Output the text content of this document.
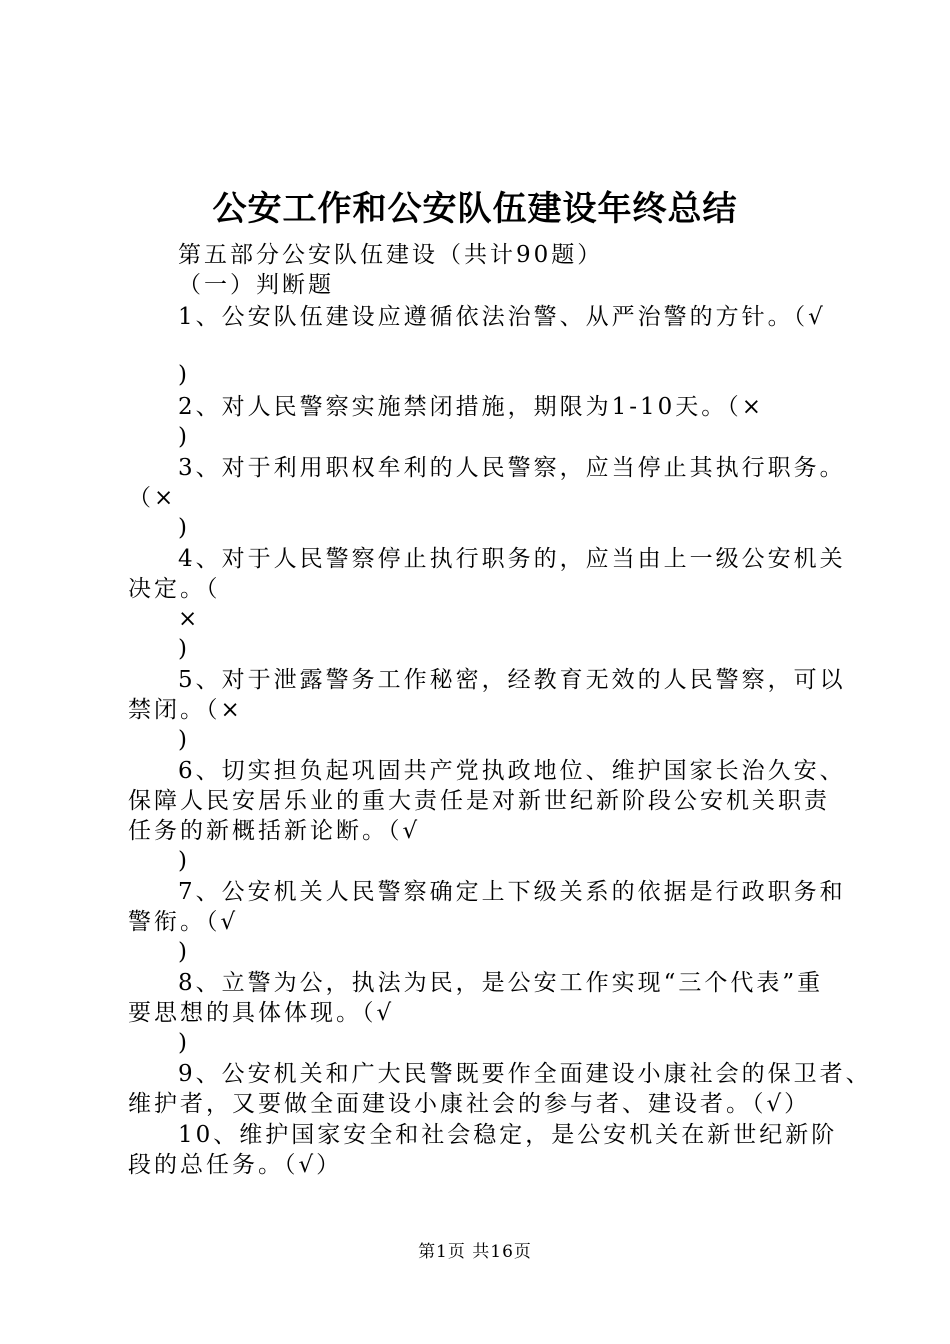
公安工作和公安队伍建设年终总结
第五部分公安队伍建设（共计90题）
（一）判断题
1、公安队伍建设应遵循依法治警、从严治警的方针。（√
)
2、对人民警察实施禁闭措施，期限为1-10天。（×
)
3、对于利用职权牟利的人民警察，应当停止其执行职务。
（×
)
4、对于人民警察停止执行职务的，应当由上一级公安机关
决定。（
×
)
5、对于泄露警务工作秘密，经教育无效的人民警察，可以
禁闭。（×
)
6、切实担负起巩固共产党执政地位、维护国家长治久安、
保障人民安居乐业的重大责任是对新世纪新阶段公安机关职责
任务的新概括新论断。（√
)
7、公安机关人民警察确定上下级关系的依据是行政职务和
警衔。（√
)
8、立警为公，执法为民，是公安工作实现“三个代表”重
要思想的具体体现。（√
)
9、公安机关和广大民警既要作全面建设小康社会的保卫者、
维护者，又要做全面建设小康社会的参与者、建设者。（√）
10、维护国家安全和社会稳定，是公安机关在新世纪新阶
段的总任务。（√）
第1页 共16页
